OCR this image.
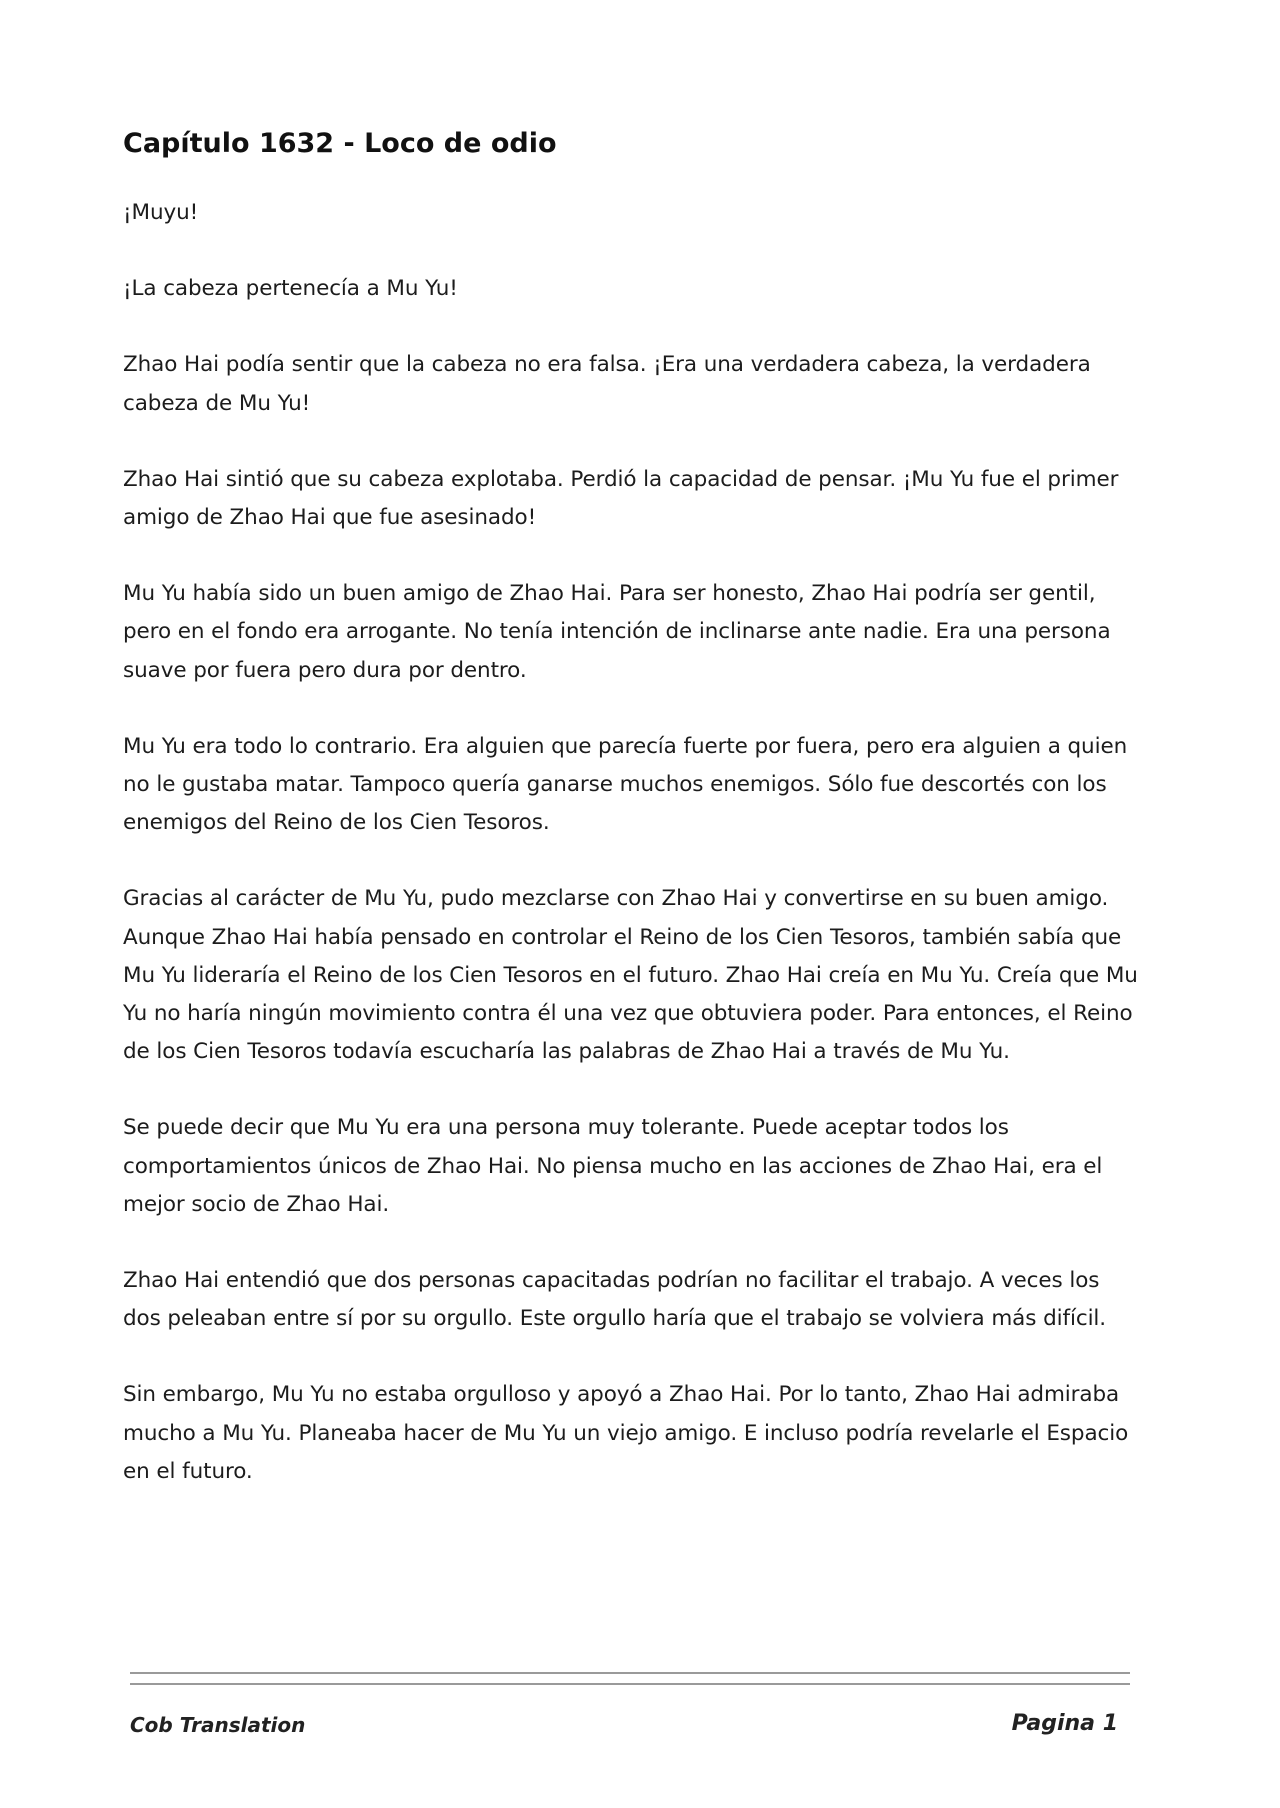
Capítulo 1632 - Loco de odio

¡Muyu!

¡La cabeza pertenecía a Mu Yu!

Zhao Hai podía sentir que la cabeza no era falsa. ¡Era una verdadera cabeza, la verdadera cabeza de Mu Yu!

Zhao Hai sintió que su cabeza explotaba. Perdió la capacidad de pensar. ¡Mu Yu fue el primer amigo de Zhao Hai que fue asesinado!

Mu Yu había sido un buen amigo de Zhao Hai. Para ser honesto, Zhao Hai podría ser gentil, pero en el fondo era arrogante. No tenía intención de inclinarse ante nadie. Era una persona suave por fuera pero dura por dentro.

Mu Yu era todo lo contrario. Era alguien que parecía fuerte por fuera, pero era alguien a quien no le gustaba matar. Tampoco quería ganarse muchos enemigos. Sólo fue descortés con los enemigos del Reino de los Cien Tesoros.

Gracias al carácter de Mu Yu, pudo mezclarse con Zhao Hai y convertirse en su buen amigo. Aunque Zhao Hai había pensado en controlar el Reino de los Cien Tesoros, también sabía que Mu Yu lideraría el Reino de los Cien Tesoros en el futuro. Zhao Hai creía en Mu Yu. Creía que Mu Yu no haría ningún movimiento contra él una vez que obtuviera poder. Para entonces, el Reino de los Cien Tesoros todavía escucharía las palabras de Zhao Hai a través de Mu Yu.

Se puede decir que Mu Yu era una persona muy tolerante. Puede aceptar todos los comportamientos únicos de Zhao Hai. No piensa mucho en las acciones de Zhao Hai, era el mejor socio de Zhao Hai.

Zhao Hai entendió que dos personas capacitadas podrían no facilitar el trabajo. A veces los dos peleaban entre sí por su orgullo. Este orgullo haría que el trabajo se volviera más difícil.

Sin embargo, Mu Yu no estaba orgulloso y apoyó a Zhao Hai. Por lo tanto, Zhao Hai admiraba mucho a Mu Yu. Planeaba hacer de Mu Yu un viejo amigo. E incluso podría revelarle el Espacio en el futuro.

Cob Translation	Pagina 1
